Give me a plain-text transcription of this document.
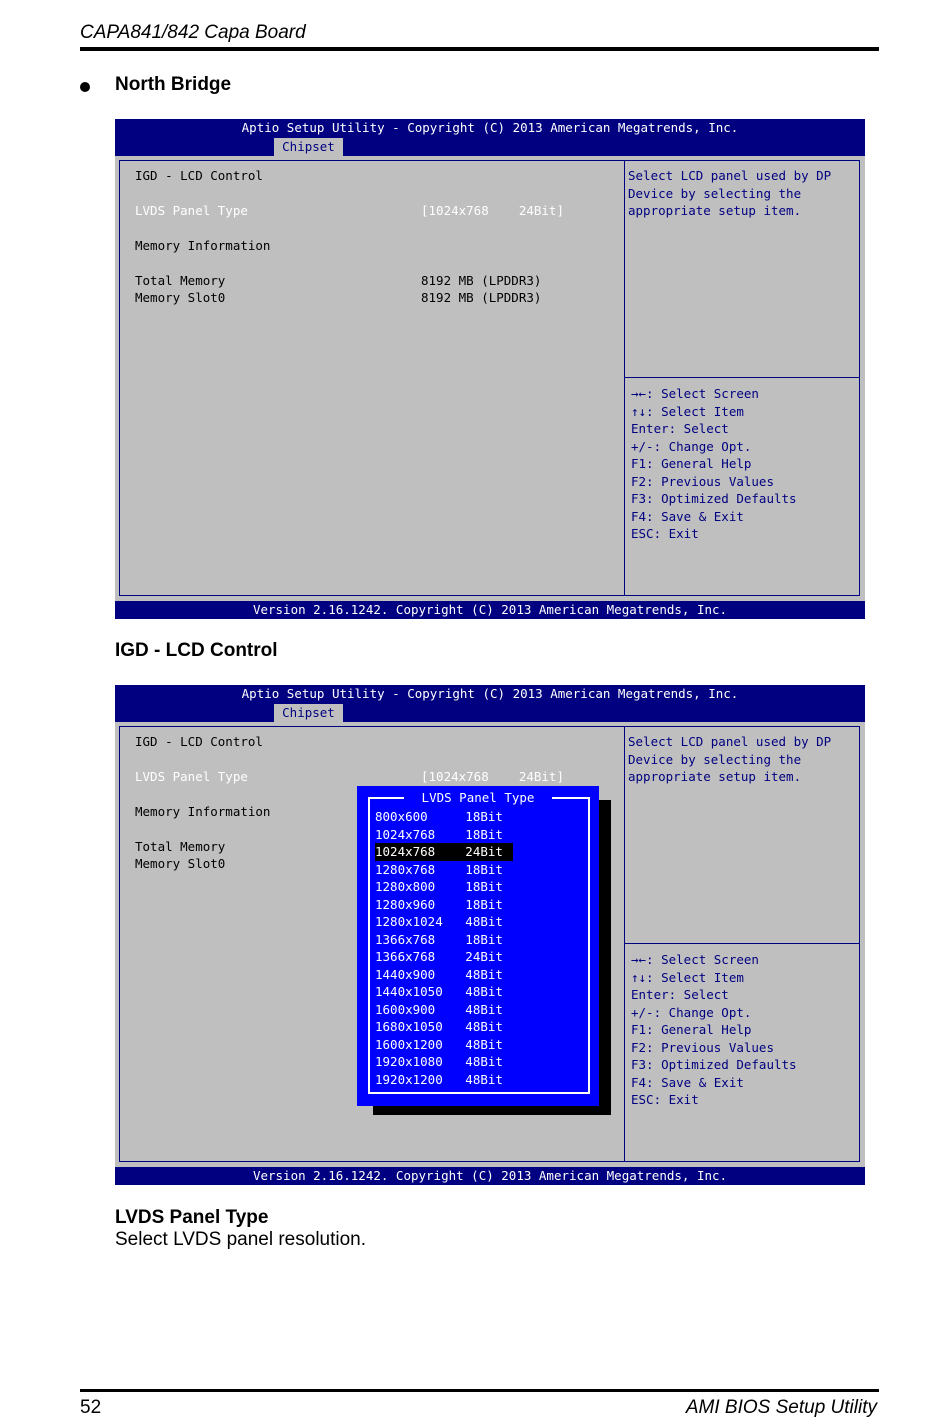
CAPA841/842 Capa Board
North Bridge
Aptio Setup Utility - Copyright (C) 2013 American Megatrends, Inc.
Chipset
IGD - LCD Control
LVDS Panel Type	[1024x768    24Bit]
Memory Information
Total Memory	8192 MB (LPDDR3)
Memory Slot0	8192 MB (LPDDR3)
Select LCD panel used by DP
Device by selecting the
appropriate setup item.
→←: Select Screen
↑↓: Select Item
Enter: Select
+/-: Change Opt.
F1: General Help
F2: Previous Values
F3: Optimized Defaults
F4: Save & Exit
ESC: Exit
Version 2.16.1242. Copyright (C) 2013 American Megatrends, Inc.
IGD - LCD Control
Aptio Setup Utility - Copyright (C) 2013 American Megatrends, Inc.
Chipset
IGD - LCD Control
LVDS Panel Type	[1024x768    24Bit]
Memory Information
Total Memory
Memory Slot0
Select LCD panel used by DP
Device by selecting the
appropriate setup item.
→←: Select Screen
↑↓: Select Item
Enter: Select
+/-: Change Opt.
F1: General Help
F2: Previous Values
F3: Optimized Defaults
F4: Save & Exit
ESC: Exit
LVDS Panel Type
800x600     18Bit
1024x768    18Bit
1024x768    24Bit
1280x768    18Bit
1280x800    18Bit
1280x960    18Bit
1280x1024   48Bit
1366x768    18Bit
1366x768    24Bit
1440x900    48Bit
1440x1050   48Bit
1600x900    48Bit
1680x1050   48Bit
1600x1200   48Bit
1920x1080   48Bit
1920x1200   48Bit
Version 2.16.1242. Copyright (C) 2013 American Megatrends, Inc.
LVDS Panel Type
Select LVDS panel resolution.
52	AMI BIOS Setup Utility
